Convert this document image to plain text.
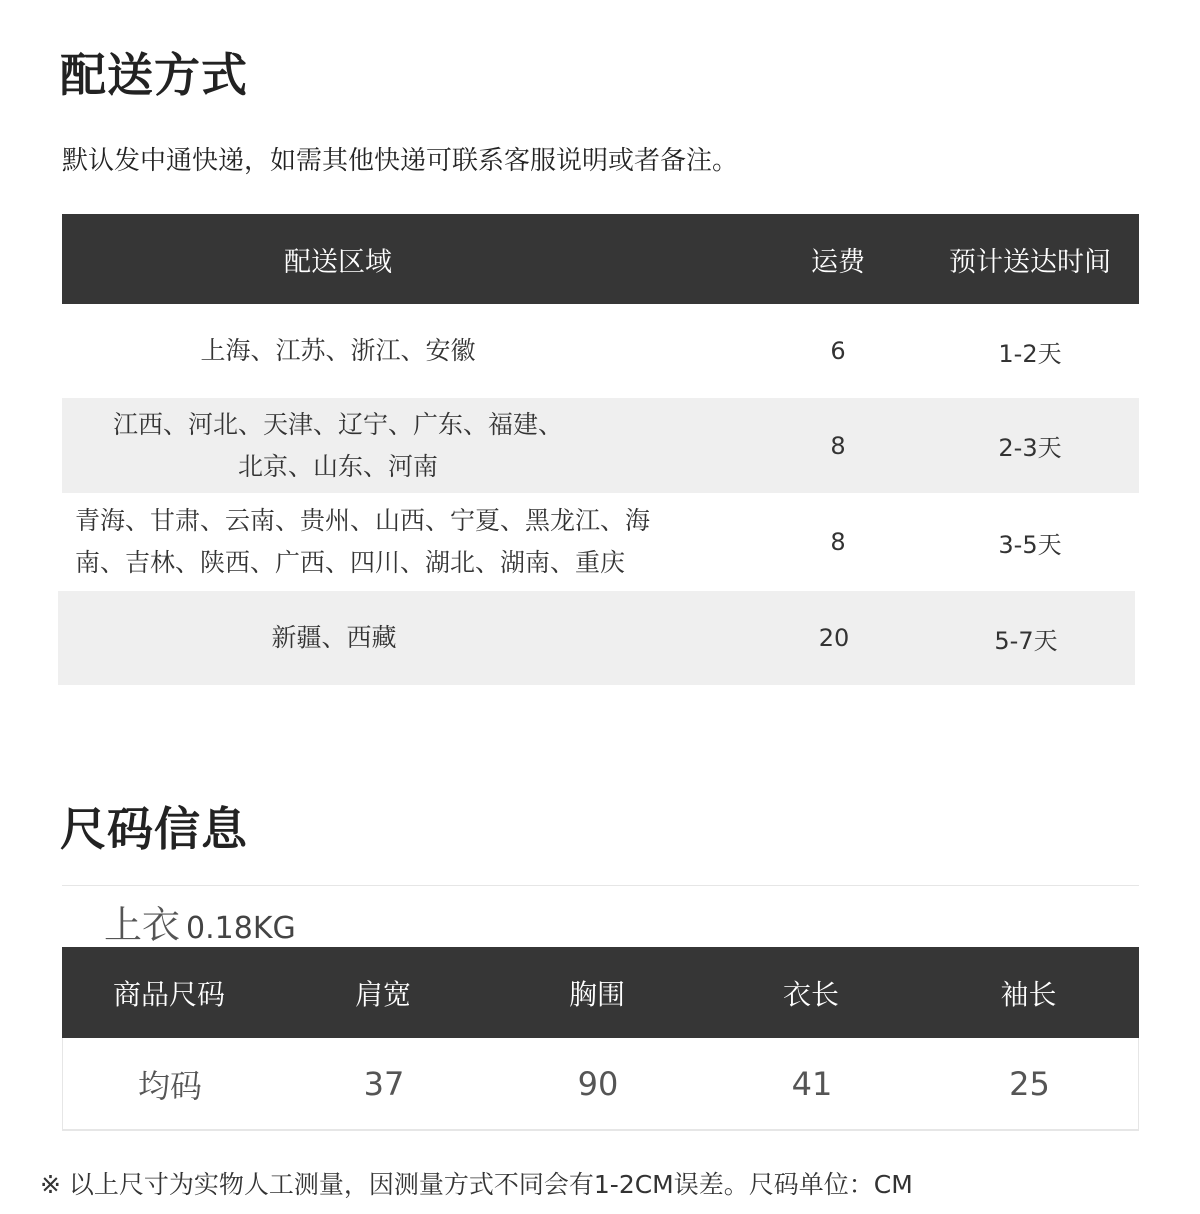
配送方式
默认发中通快递，如需其他快递可联系客服说明或者备注。
配送区域	运费	预计送达时间
上海、江苏、浙江、安徽	6	1-2天
江西、河北、天津、辽宁、广东、福建、
北京、山东、河南
8	2-3天
青海、甘肃、云南、贵州、山西、宁夏、黑龙江、海
南、吉林、陕西、广西、四川、湖北、湖南、重庆
8	3-5天
新疆、西藏	20	5-7天
尺码信息
上衣 0.18KG
商品尺码	肩宽	胸围	衣长	袖长
均码	37	90	41	25
※ 以上尺寸为实物人工测量，因测量方式不同会有1-2CM误差。尺码单位：CM
